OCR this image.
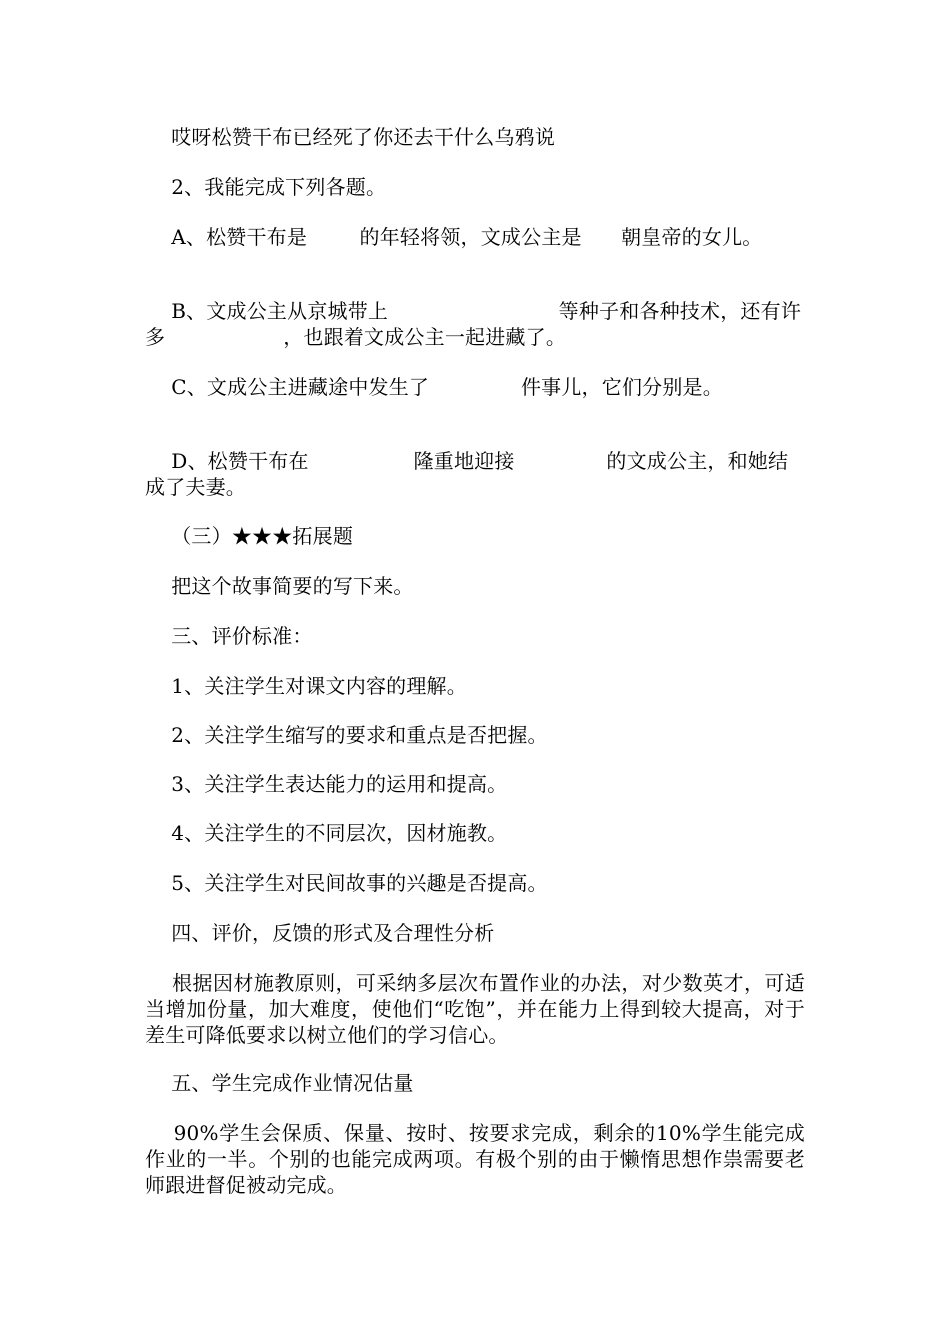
哎呀松赞干布已经死了你还去干什么乌鸦说
2、我能完成下列各题。
A、松赞干布是        的年轻将领，文成公主是      朝皇帝的女儿。
B、文成公主从京城带上                          等种子和各种技术，还有许多                  ，也跟着文成公主一起进藏了。
C、文成公主进藏途中发生了              件事儿，它们分别是。
D、松赞干布在                隆重地迎接              的文成公主，和她结成了夫妻。
（三）★★★拓展题
把这个故事简要的写下来。
三、评价标准：
1、关注学生对课文内容的理解。
2、关注学生缩写的要求和重点是否把握。
3、关注学生表达能力的运用和提高。
4、关注学生的不同层次，因材施教。
5、关注学生对民间故事的兴趣是否提高。
四、评价，反馈的形式及合理性分析
根据因材施教原则，可采纳多层次布置作业的办法，对少数英才，可适当增加份量，加大难度，使他们“吃饱”，并在能力上得到较大提高，对于差生可降低要求以树立他们的学习信心。
五、学生完成作业情况估量
90%学生会保质、保量、按时、按要求完成，剩余的10%学生能完成作业的一半。个别的也能完成两项。有极个别的由于懒惰思想作祟需要老师跟进督促被动完成。
